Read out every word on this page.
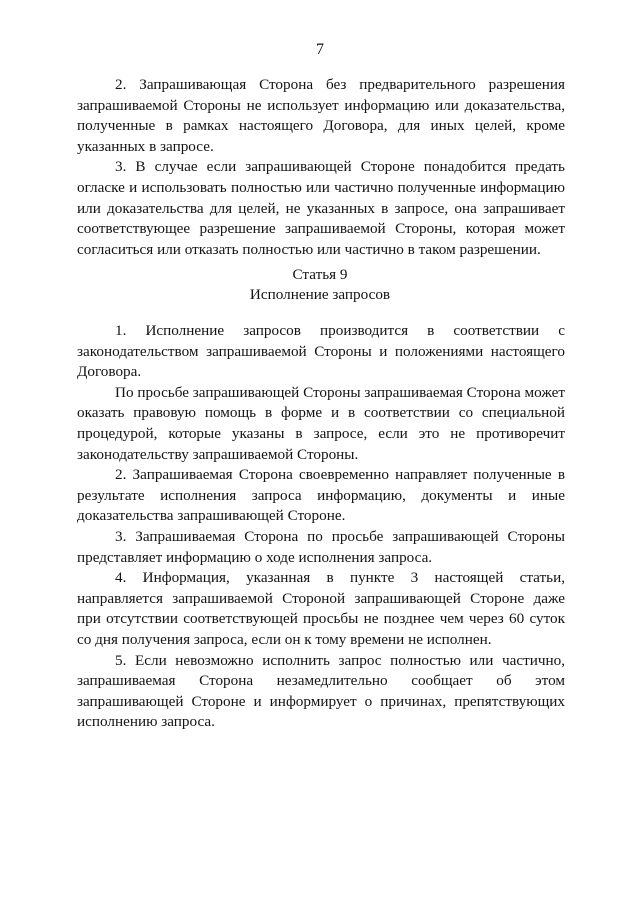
7

2. Запрашивающая Сторона без предварительного разрешения запрашиваемой Стороны не использует информацию или доказательства, полученные в рамках настоящего Договора, для иных целей, кроме указанных в запросе.

3. В случае если запрашивающей Стороне понадобится предать огласке и использовать полностью или частично полученные информацию или доказательства для целей, не указанных в запросе, она запрашивает соответствующее разрешение запрашиваемой Стороны, которая может согласиться или отказать полностью или частично в таком разрешении.

Статья 9
Исполнение запросов

1. Исполнение запросов производится в соответствии с законодательством запрашиваемой Стороны и положениями настоящего Договора.

По просьбе запрашивающей Стороны запрашиваемая Сторона может оказать правовую помощь в форме и в соответствии со специальной процедурой, которые указаны в запросе, если это не противоречит законодательству запрашиваемой Стороны.

2. Запрашиваемая Сторона своевременно направляет полученные в результате исполнения запроса информацию, документы и иные доказательства запрашивающей Стороне.

3. Запрашиваемая Сторона по просьбе запрашивающей Стороны представляет информацию о ходе исполнения запроса.

4. Информация, указанная в пункте 3 настоящей статьи, направляется запрашиваемой Стороной запрашивающей Стороне даже при отсутствии соответствующей просьбы не позднее чем через 60 суток со дня получения запроса, если он к тому времени не исполнен.

5. Если невозможно исполнить запрос полностью или частично, запрашиваемая Сторона незамедлительно сообщает об этом запрашивающей Стороне и информирует о причинах, препятствующих исполнению запроса.
